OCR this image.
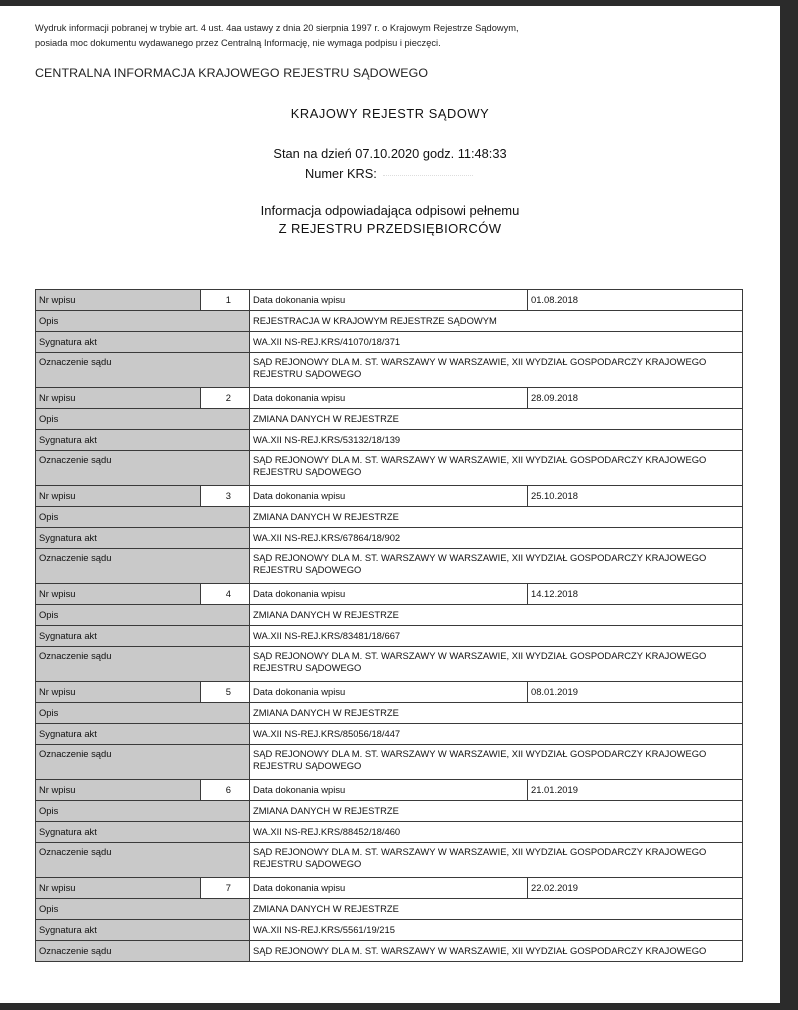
Wydruk informacji pobranej w trybie art. 4 ust. 4aa ustawy z dnia 20 sierpnia 1997 r. o Krajowym Rejestrze Sądowym,
posiada moc dokumentu wydawanego przez Centralną Informację, nie wymaga podpisu i pieczęci.
CENTRALNA INFORMACJA KRAJOWEGO REJESTRU SĄDOWEGO
KRAJOWY REJESTR SĄDOWY
Stan na dzień 07.10.2020 godz. 11:48:33
Numer KRS:
Informacja odpowiadająca odpisowi pełnemu
Z REJESTRU PRZEDSIĘBIORCÓW
Nr wpisu	1	Data dokonania wpisu	01.08.2018
Opis		REJESTRACJA W KRAJOWYM REJESTRZE SĄDOWYM	
Sygnatura akt		WA.XII NS-REJ.KRS/41070/18/371	
Oznaczenie sądu		SĄD REJONOWY DLA M. ST. WARSZAWY W WARSZAWIE, XII WYDZIAŁ GOSPODARCZY KRAJOWEGO
REJESTRU SĄDOWEGO	

Nr wpisu	2	Data dokonania wpisu	28.09.2018
Opis		ZMIANA DANYCH W REJESTRZE	
Sygnatura akt		WA.XII NS-REJ.KRS/53132/18/139	
Oznaczenie sądu		SĄD REJONOWY DLA M. ST. WARSZAWY W WARSZAWIE, XII WYDZIAŁ GOSPODARCZY KRAJOWEGO
REJESTRU SĄDOWEGO	

Nr wpisu	3	Data dokonania wpisu	25.10.2018
Opis		ZMIANA DANYCH W REJESTRZE	
Sygnatura akt		WA.XII NS-REJ.KRS/67864/18/902	
Oznaczenie sądu		SĄD REJONOWY DLA M. ST. WARSZAWY W WARSZAWIE, XII WYDZIAŁ GOSPODARCZY KRAJOWEGO
REJESTRU SĄDOWEGO	

Nr wpisu	4	Data dokonania wpisu	14.12.2018
Opis		ZMIANA DANYCH W REJESTRZE	
Sygnatura akt		WA.XII NS-REJ.KRS/83481/18/667	
Oznaczenie sądu		SĄD REJONOWY DLA M. ST. WARSZAWY W WARSZAWIE, XII WYDZIAŁ GOSPODARCZY KRAJOWEGO
REJESTRU SĄDOWEGO	

Nr wpisu	5	Data dokonania wpisu	08.01.2019
Opis		ZMIANA DANYCH W REJESTRZE	
Sygnatura akt		WA.XII NS-REJ.KRS/85056/18/447	
Oznaczenie sądu		SĄD REJONOWY DLA M. ST. WARSZAWY W WARSZAWIE, XII WYDZIAŁ GOSPODARCZY KRAJOWEGO
REJESTRU SĄDOWEGO	

Nr wpisu	6	Data dokonania wpisu	21.01.2019
Opis		ZMIANA DANYCH W REJESTRZE	
Sygnatura akt		WA.XII NS-REJ.KRS/88452/18/460	
Oznaczenie sądu		SĄD REJONOWY DLA M. ST. WARSZAWY W WARSZAWIE, XII WYDZIAŁ GOSPODARCZY KRAJOWEGO
REJESTRU SĄDOWEGO	

Nr wpisu	7	Data dokonania wpisu	22.02.2019
Opis		ZMIANA DANYCH W REJESTRZE	
Sygnatura akt		WA.XII NS-REJ.KRS/5561/19/215	
Oznaczenie sądu		SĄD REJONOWY DLA M. ST. WARSZAWY W WARSZAWIE, XII WYDZIAŁ GOSPODARCZY KRAJOWEGO	
